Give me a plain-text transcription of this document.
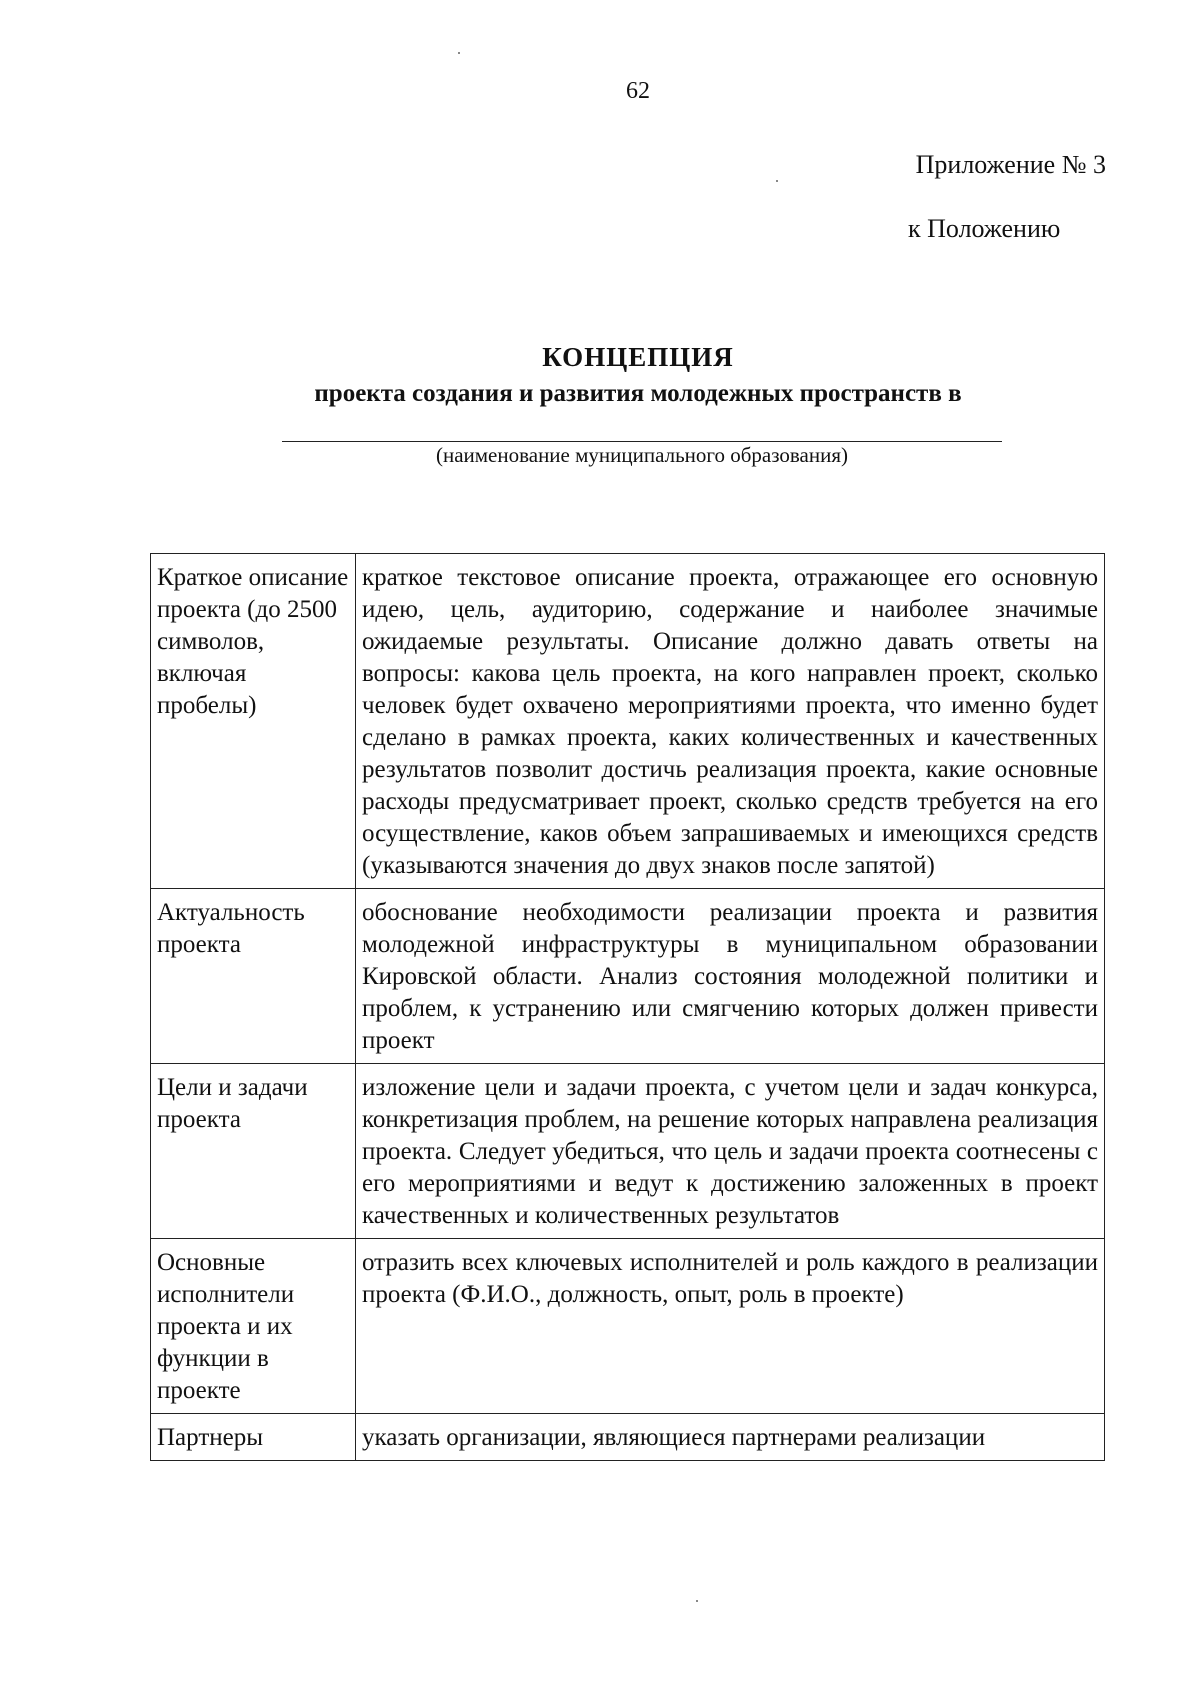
62
Приложение № 3
к Положению
КОНЦЕПЦИЯ
проекта создания и развития молодежных пространств в
(наименование муниципального образования)
Краткое описание проекта (до 2500 символов, включая пробелы)	краткое текстовое описание проекта, отражающее его основную идею, цель, аудиторию, содержание и наиболее значимые ожидаемые результаты. Описание должно давать ответы на вопросы: какова цель проекта, на кого направлен проект, сколько человек будет охвачено мероприятиями проекта, что именно будет сделано в рамках проекта, каких количественных и качественных результатов позволит достичь реализация проекта, какие основные расходы предусматривает проект, сколько средств требуется на его осуществление, каков объем запрашиваемых и имеющихся средств (указываются значения до двух знаков после запятой)
Актуальность проекта	обоснование необходимости реализации проекта и развития молодежной инфраструктуры в муниципальном образовании Кировской области. Анализ состояния молодежной политики и проблем, к устранению или смягчению которых должен привести проект
Цели и задачи проекта	изложение цели и задачи проекта, с учетом цели и задач конкурса, конкретизация проблем, на решение которых направлена реализация проекта. Следует убедиться, что цель и задачи проекта соотнесены с его мероприятиями и ведут к достижению заложенных в проект качественных и количественных результатов
Основные исполнители проекта и их функции в проекте	отразить всех ключевых исполнителей и роль каждого в реализации проекта (Ф.И.О., должность, опыт, роль в проекте)
Партнеры	указать организации, являющиеся партнерами реализации
